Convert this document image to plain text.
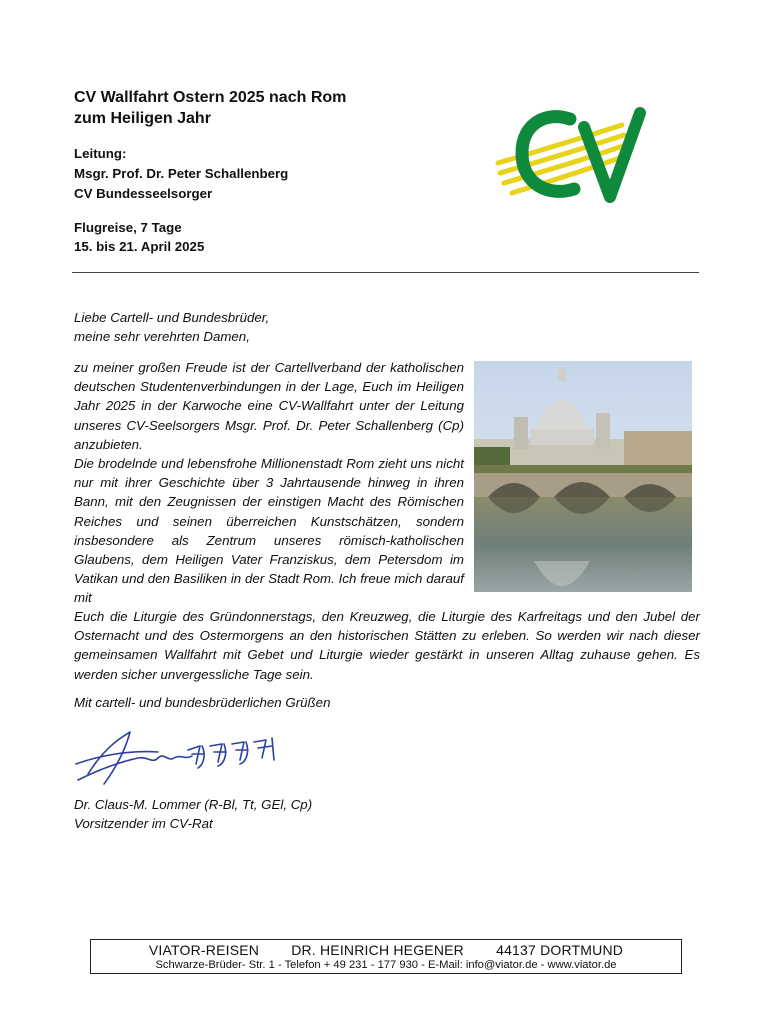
CV Wallfahrt Ostern 2025 nach Rom
zum Heiligen Jahr
Leitung:
Msgr. Prof. Dr. Peter Schallenberg
CV Bundesseelsorger
Flugreise, 7 Tage
15. bis 21. April 2025
Liebe Cartell- und Bundesbrüder,
meine sehr verehrten Damen,

zu meiner großen Freude ist der Cartellverband der katholischen deutschen Studentenverbindungen in der Lage, Euch im Heiligen Jahr 2025 in der Karwoche eine CV-Wallfahrt unter der Leitung unseres CV-Seelsorgers Msgr. Prof. Dr. Peter Schallenberg (Cp) anzubieten.

Die brodelnde und lebensfrohe Millionenstadt Rom zieht uns nicht nur mit ihrer Geschichte über 3 Jahrtausende hinweg in ihren Bann, mit den Zeugnissen der einstigen Macht des Römischen Reiches und seinen überreichen Kunstschätzen, sondern insbesondere als Zentrum unseres römisch-katholischen Glaubens, dem Heiligen Vater Franziskus, dem Petersdom im Vatikan und den Basiliken in der Stadt Rom. Ich freue mich darauf mit

Euch die Liturgie des Gründonnerstags, den Kreuzweg, die Liturgie des Karfreitags und den Jubel der Osternacht und des Ostermorgens an den historischen Stätten zu erleben. So werden wir nach dieser gemeinsamen Wallfahrt mit Gebet und Liturgie wieder gestärkt in unseren Alltag zuhause gehen. Es werden sicher unvergessliche Tage sein.

Mit cartell- und bundesbrüderlichen Grüßen
Dr. Claus-M. Lommer (R-Bl, Tt, GEl, Cp)
Vorsitzender im CV-Rat
VIATOR-REISEN DR. HEINRICH HEGENER 44137 DORTMUND
Schwarze-Brüder- Str. 1 - Telefon + 49 231 - 177 930 - E-Mail: info@viator.de - www.viator.de
